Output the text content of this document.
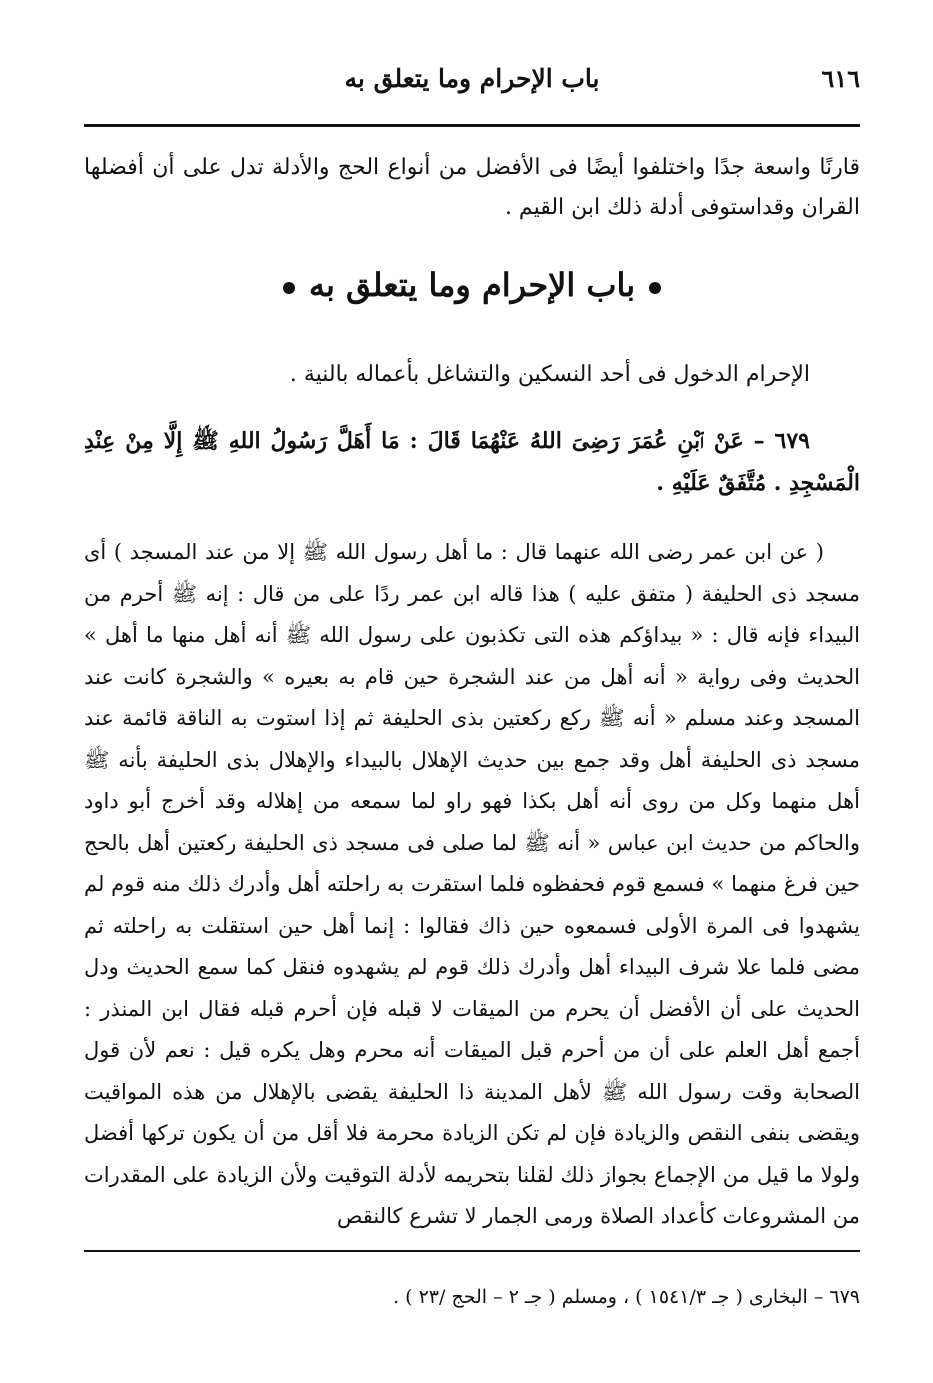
٦١٦
باب الإحرام وما يتعلق به
قارنًا واسعة جدًا واختلفوا أيضًا فى الأفضل من أنواع الحج والأدلة تدل على أن أفضلها القران وقداستوفى أدلة ذلك ابن القيم .
باب الإحرام وما يتعلق به
الإحرام الدخول فى أحد النسكين والتشاغل بأعماله بالنية .
٦٧٩ – عَنْ ٱبْنِ عُمَرَ رَضِىَ اللهُ عَنْهُمَا قَالَ : مَا أَهَلَّ رَسُولُ اللهِ ﷺ إِلَّا مِنْ عِنْدِ الْمَسْجِدِ . مُتَّفَقٌ عَلَيْهِ .

( عن ابن عمر رضى الله عنهما قال : ما أهل رسول الله ﷺ إلا من عند المسجد ) أى مسجد ذى الحليفة ( متفق عليه ) هذا قاله ابن عمر ردًا على من قال : إنه ﷺ أحرم من البيداء فإنه قال : « بيداؤكم هذه التى تكذبون على رسول الله ﷺ أنه أهل منها ما أهل » الحديث وفى رواية « أنه أهل من عند الشجرة حين قام به بعيره » والشجرة كانت عند المسجد وعند مسلم « أنه ﷺ ركع ركعتين بذى الحليفة ثم إذا استوت به الناقة قائمة عند مسجد ذى الحليفة أهل وقد جمع بين حديث الإهلال بالبيداء والإهلال بذى الحليفة بأنه ﷺ أهل منهما وكل من روى أنه أهل بكذا فهو راو لما سمعه من إهلاله وقد أخرج أبو داود والحاكم من حديث ابن عباس « أنه ﷺ لما صلى فى مسجد ذى الحليفة ركعتين أهل بالحج حين فرغ منهما » فسمع قوم فحفظوه فلما استقرت به راحلته أهل وأدرك ذلك منه قوم لم يشهدوا فى المرة الأولى فسمعوه حين ذاك فقالوا : إنما أهل حين استقلت به راحلته ثم مضى فلما علا شرف البيداء أهل وأدرك ذلك قوم لم يشهدوه فنقل كما سمع الحديث ودل الحديث على أن الأفضل أن يحرم من الميقات لا قبله فإن أحرم قبله فقال ابن المنذر : أجمع أهل العلم على أن من أحرم قبل الميقات أنه محرم وهل يكره قيل : نعم لأن قول الصحابة وقت رسول الله ﷺ لأهل المدينة ذا الحليفة يقضى بالإهلال من هذه المواقيت ويقضى بنفى النقص والزيادة فإن لم تكن الزيادة محرمة فلا أقل من أن يكون تركها أفضل ولولا ما قيل من الإجماع بجواز ذلك لقلنا بتحريمه لأدلة التوقيت ولأن الزيادة على المقدرات من المشروعات كأعداد الصلاة ورمى الجمار لا تشرع كالنقص

٦٧٩ – البخارى ( جـ ١٥٤١/٣ ) ، ومسلم ( جـ ٢ – الحج /٢٣ ) .
